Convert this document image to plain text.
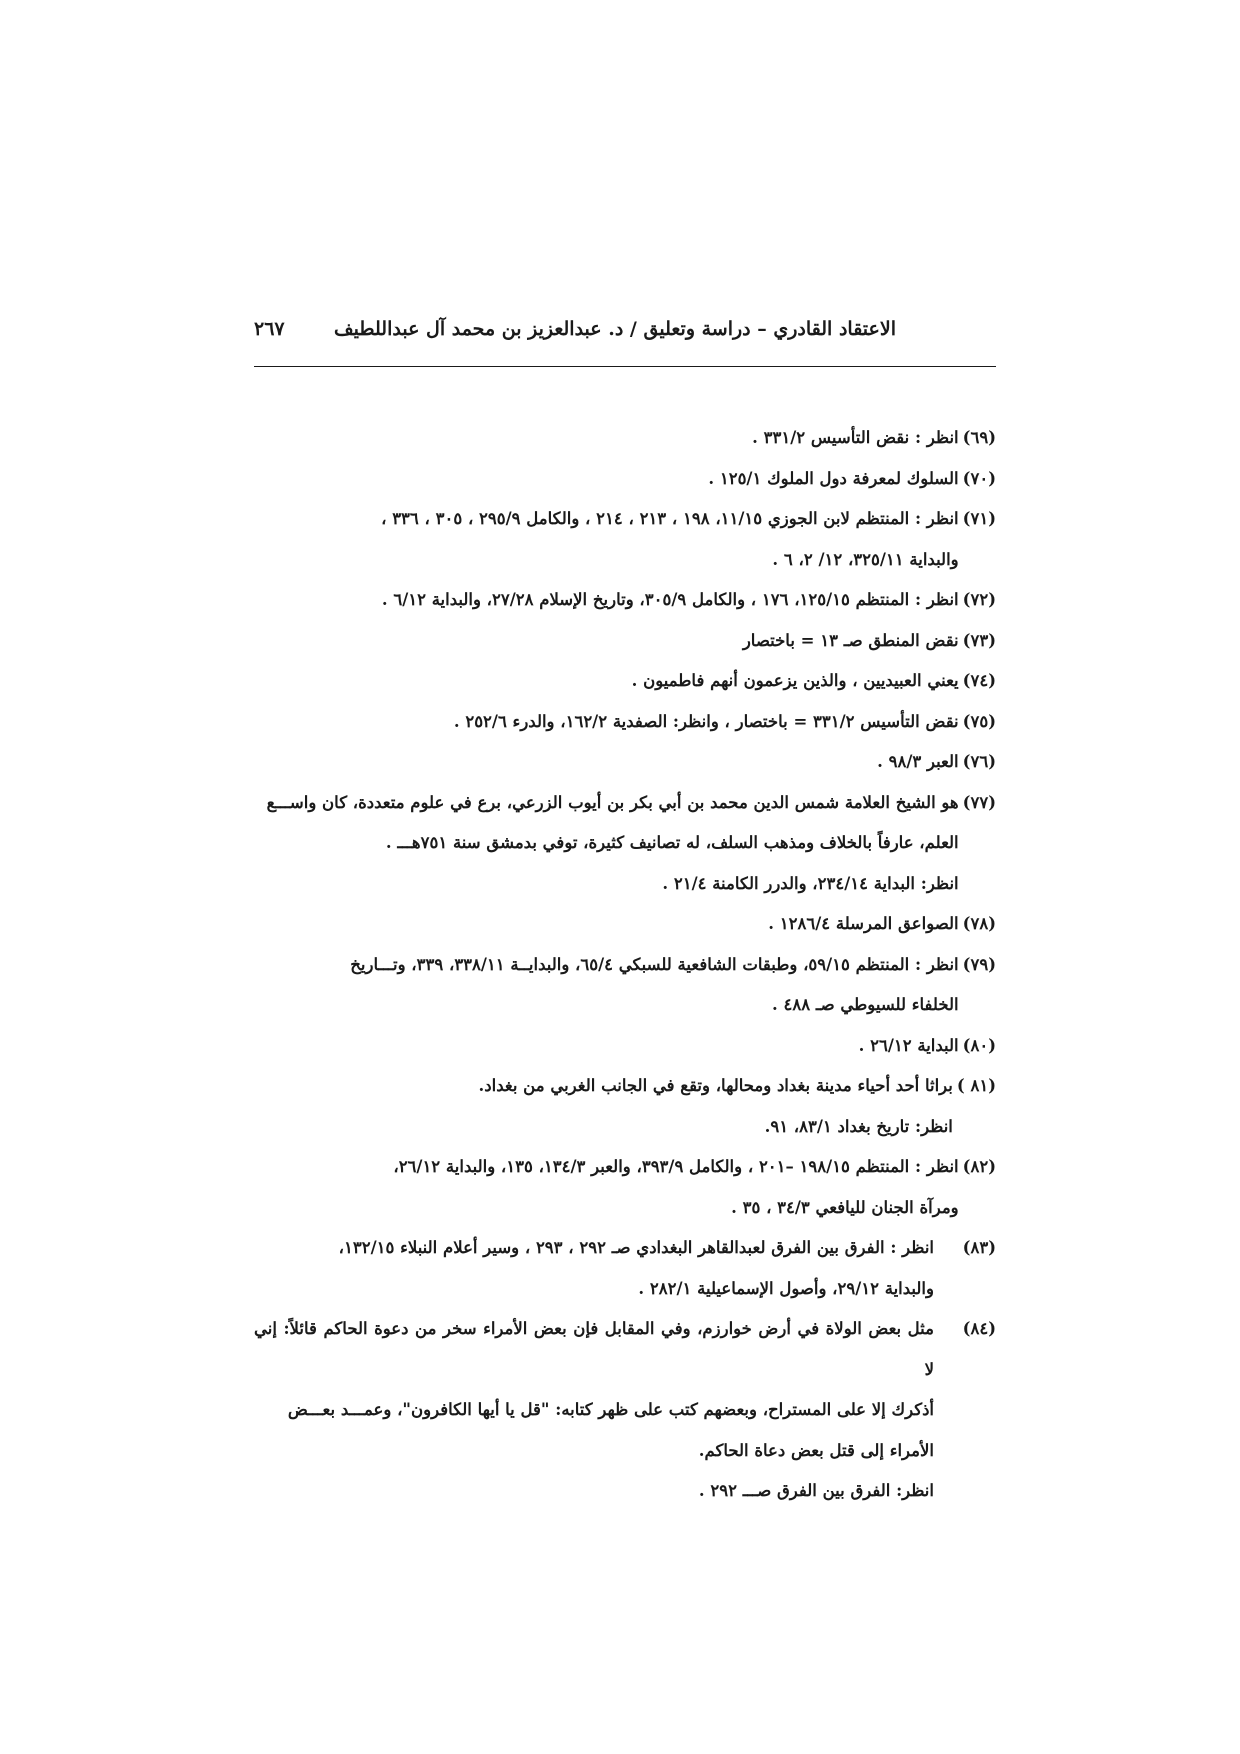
الاعتقاد القادري – دراسة وتعليق / د. عبدالعزيز بن محمد آل عبداللطيف
٢٦٧
(٦٩)
انظر : نقض التأسيس ٣٣١/٢ .
(٧٠)
السلوك لمعرفة دول الملوك ١٢٥/١ .
(٧١)
انظر : المنتظم لابن الجوزي ١١/١٥، ١٩٨ ، ٢١٣ ، ٢١٤ ، والكامل ٢٩٥/٩ ، ٣٠٥ ، ٣٣٦ ،
والبداية ٣٢٥/١١، ١٢/ ٢، ٦ .
(٧٢)
انظر : المنتظم ١٢٥/١٥، ١٧٦ ، والكامل ٣٠٥/٩، وتاريخ الإسلام ٢٧/٢٨، والبداية ٦/١٢ .
(٧٣)
نقض المنطق صـ ١٣ = باختصار
(٧٤)
يعني العبيديين ، والذين يزعمون أنهم فاطميون .
(٧٥)
نقض التأسيس ٣٣١/٢ = باختصار ، وانظر: الصفدية ١٦٢/٢، والدرء ٢٥٢/٦ .
(٧٦)
العبر ٩٨/٣ .
(٧٧)
هو الشيخ العلامة شمس الدين محمد بن أبي بكر بن أيوب الزرعي، برع في علوم متعددة، كان واســـع
العلم، عارفاً بالخلاف ومذهب السلف، له تصانيف كثيرة، توفي بدمشق سنة ٧٥١هـــ .
انظر: البداية ٢٣٤/١٤، والدرر الكامنة ٢١/٤ .
(٧٨)
الصواعق المرسلة ١٢٨٦/٤ .
(٧٩)
انظر : المنتظم ٥٩/١٥، وطبقات الشافعية للسبكي ٦٥/٤، والبدايــة ٣٣٨/١١، ٣٣٩، وتـــاريخ
الخلفاء للسيوطي صـ ٤٨٨ .
(٨٠)
البداية ٢٦/١٢ .
(٨١ )
براثا أحد أحياء مدينة بغداد ومحالها، وتقع في الجانب الغربي من بغداد.
انظر: تاريخ بغداد ٨٣/١، ٩١.
(٨٢)
انظر : المنتظم ١٩٨/١٥ –٢٠١ ، والكامل ٣٩٣/٩، والعبر ١٣٤/٣، ١٣٥، والبداية ٢٦/١٢،
ومرآة الجنان لليافعي ٣٤/٣ ، ٣٥ .
(٨٣)
انظر : الفرق بين الفرق لعبدالقاهر البغدادي صـ ٢٩٢ ، ٢٩٣ ، وسير أعلام النبلاء ١٣٢/١٥،
والبداية ٢٩/١٢، وأصول الإسماعيلية ٢٨٢/١ .
(٨٤)
مثل بعض الولاة في أرض خوارزم، وفي المقابل فإن بعض الأمراء سخر من دعوة الحاكم قائلاً: إني لا
أذكرك إلا على المستراح، وبعضهم كتب على ظهر كتابه: "قل يا أيها الكافرون"، وعمـــد بعـــض
الأمراء إلى قتل بعض دعاة الحاكم.
انظر: الفرق بين الفرق صـــ ٢٩٢ .
